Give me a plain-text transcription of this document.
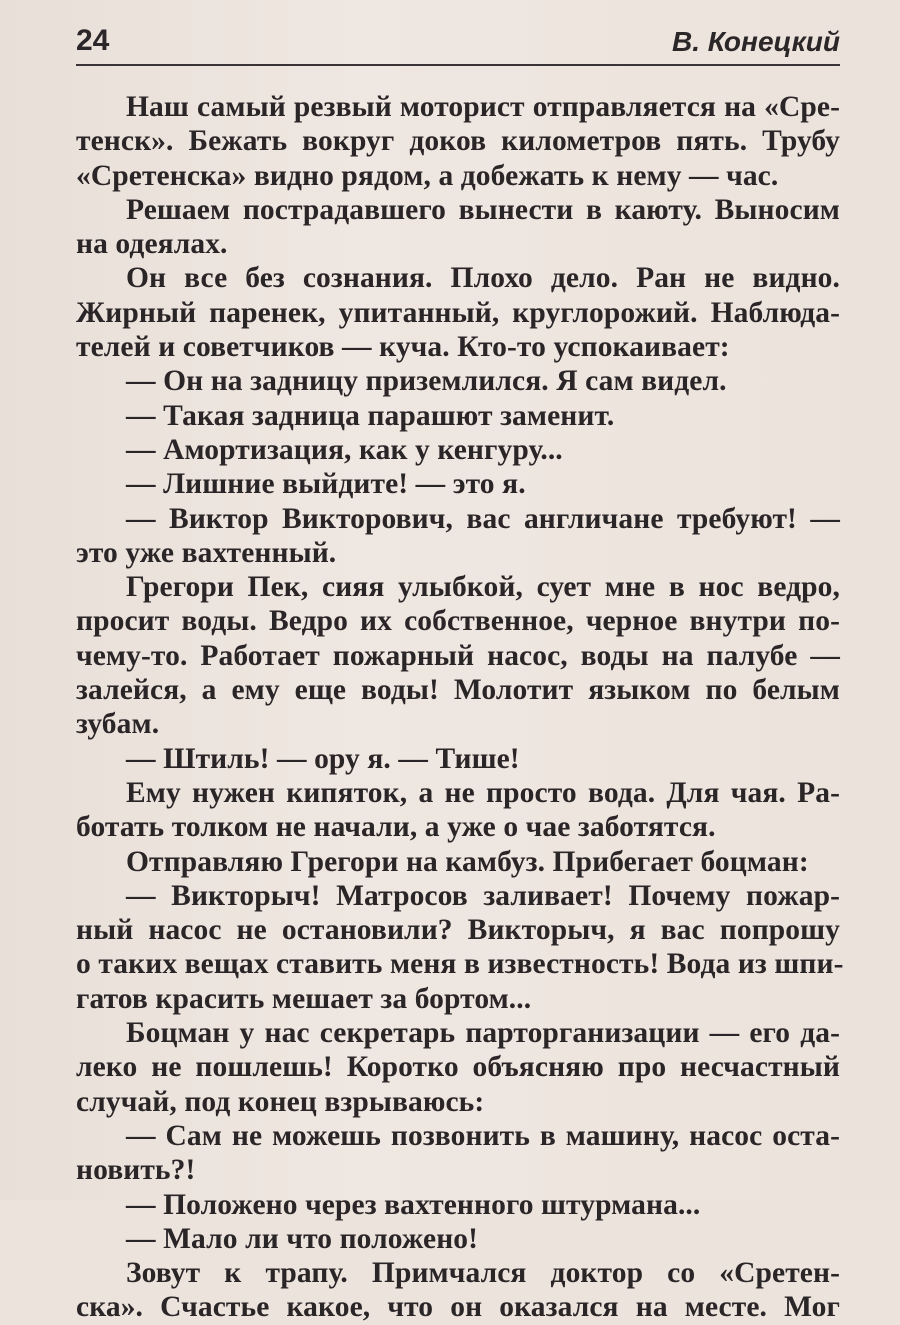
24	В. Конецкий

Наш самый резвый моторист отправляется на «Сре-

тенск». Бежать вокруг доков километров пять. Трубу

«Сретенска» видно рядом, а добежать к нему — час.

Решаем пострадавшего вынести в каюту. Выносим

на одеялах.

Он все без сознания. Плохо дело. Ран не видно.

Жирный паренек, упитанный, круглорожий. Наблюда-

телей и советчиков — куча. Кто-то успокаивает:

— Он на задницу приземлился. Я сам видел.

— Такая задница парашют заменит.

— Амортизация, как у кенгуру...

— Лишние выйдите! — это я.

— Виктор Викторович, вас англичане требуют! —

это уже вахтенный.

Грегори Пек, сияя улыбкой, сует мне в нос ведро,

просит воды. Ведро их собственное, черное внутри по-

чему-то. Работает пожарный насос, воды на палубе —

залейся, а ему еще воды! Молотит языком по белым

зубам.

— Штиль! — ору я. — Тише!

Ему нужен кипяток, а не просто вода. Для чая. Ра-

ботать толком не начали, а уже о чае заботятся.

Отправляю Грегори на камбуз. Прибегает боцман:

— Викторыч! Матросов заливает! Почему пожар-

ный насос не остановили? Викторыч, я вас попрошу

о таких вещах ставить меня в известность! Вода из шпи-

гатов красить мешает за бортом...

Боцман у нас секретарь парторганизации — его да-

леко не пошлешь! Коротко объясняю про несчастный

случай, под конец взрываюсь:

— Сам не можешь позвонить в машину, насос оста-

новить?!

— Положено через вахтенного штурмана...

— Мало ли что положено!

Зовут к трапу. Примчался доктор со «Сретен-

ска». Счастье какое, что он оказался на месте. Мог
